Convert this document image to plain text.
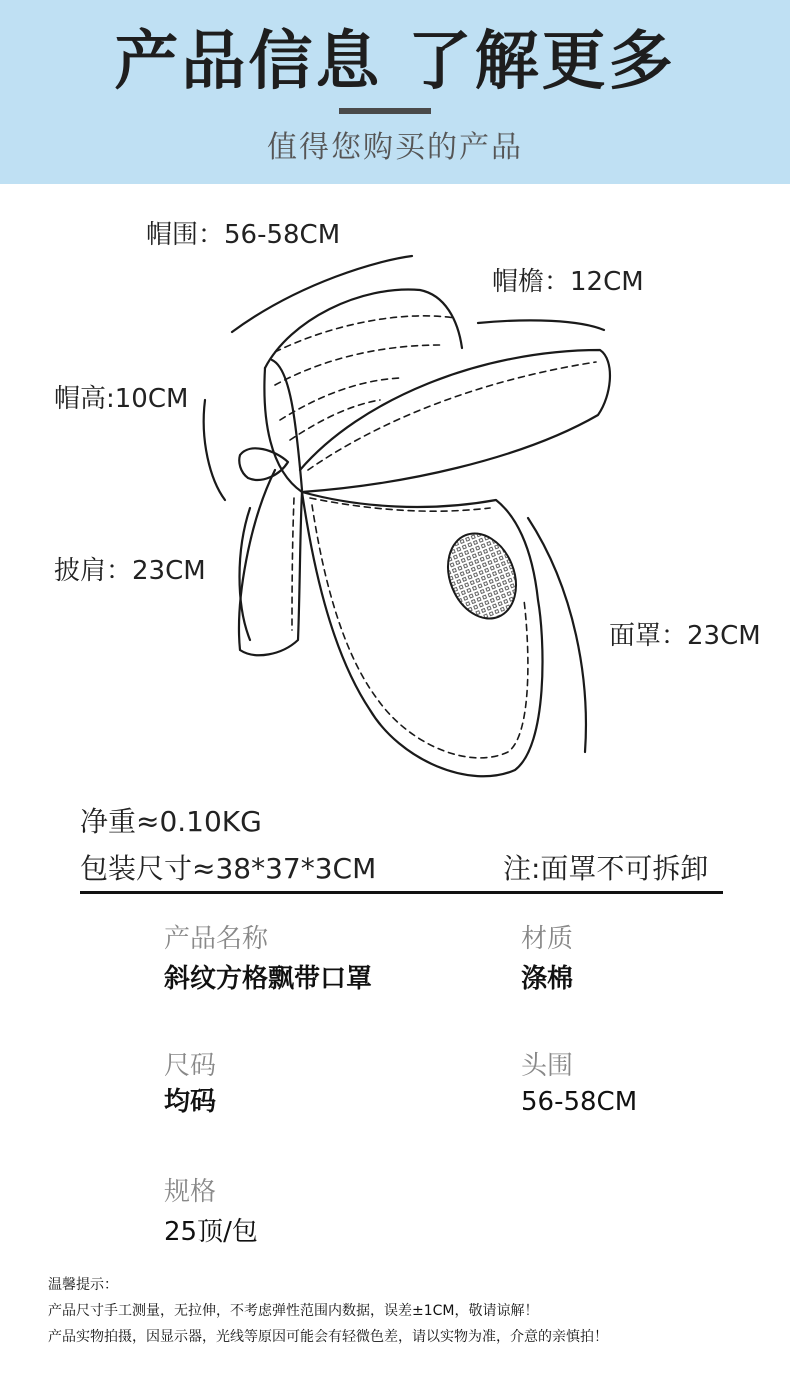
产品信息 了解更多
值得您购买的产品
帽围：56-58CM
帽檐：12CM
帽高:10CM
披肩：23CM
面罩：23CM
净重≈0.10KG
包装尺寸≈38*37*3CM	注:面罩不可拆卸
产品名称
斜纹方格飘带口罩
材质
涤棉
尺码
均码
头围
56-58CM
规格
25顶/包
温馨提示：
产品尺寸手工测量，无拉伸，不考虑弹性范围内数据，误差±1CM，敬请谅解！
产品实物拍摄，因显示器，光线等原因可能会有轻微色差，请以实物为准，介意的亲慎拍！
